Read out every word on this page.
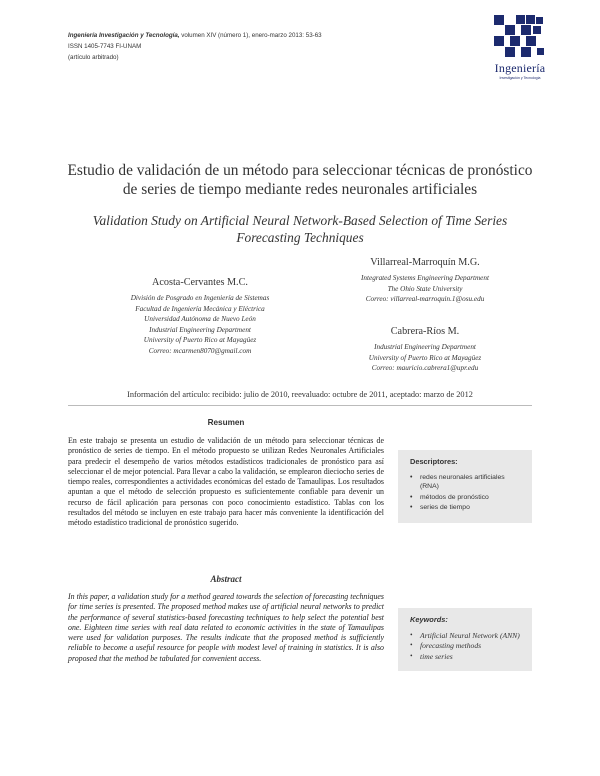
Ingeniería Investigación y Tecnología, volumen XIV (número 1), enero-marzo 2013: 53-63
ISSN 1405-7743 FI-UNAM
(artículo arbitrado)
Ingeniería
Investigación y Tecnología
Estudio de validación de un método para seleccionar técnicas de pronóstico de series de tiempo mediante redes neuronales artificiales
Validation Study on Artificial Neural Network-Based Selection of Time Series Forecasting Techniques
Acosta-Cervantes M.C.
División de Posgrado en Ingeniería de Sistemas
Facultad de Ingeniería Mecánica y Eléctrica
Universidad Autónoma de Nuevo León
Industrial Engineering Department
University of Puerto Rico at Mayagüez
Correo: mcarmen8070@gmail.com
Villarreal-Marroquín M.G.
Integrated Systems Engineering Department
The Ohio State University
Correo: villarreal-marroquin.1@osu.edu
Cabrera-Ríos M.
Industrial Engineering Department
University of Puerto Rico at Mayagüez
Correo: mauricio.cabrera1@upr.edu
Información del artículo: recibido: julio de 2010, reevaluado: octubre de 2011, aceptado: marzo de 2012
Resumen
En este trabajo se presenta un estudio de validación de un método para seleccionar técnicas de pronóstico de series de tiempo. En el método propuesto se utilizan Redes Neuronales Artificiales para predecir el desempeño de varios métodos estadísticos tradicionales de pronóstico para así seleccionar el de mejor potencial. Para llevar a cabo la validación, se emplearon dieciocho series de tiempo reales, correspondientes a actividades económicas del estado de Tamaulipas. Los resultados apuntan a que el método de selección propuesto es suficientemente confiable para devenir un recurso de fácil aplicación para personas con poco conocimiento estadístico. Tablas con los resultados del método se incluyen en este trabajo para hacer más conveniente la identificación del método estadístico tradicional de pronóstico sugerido.
Descriptores:
• redes neuronales artificiales (RNA)
• métodos de pronóstico
• series de tiempo
Abstract
In this paper, a validation study for a method geared towards the selection of forecasting techniques for time series is presented. The proposed method makes use of artificial neural networks to predict the performance of several statistics-based forecasting techniques to help select the potential best one. Eighteen time series with real data related to economic activities in the state of Tamaulipas were used for validation purposes. The results indicate that the proposed method is sufficiently reliable to become a useful resource for people with modest level of training in statistics. It is also proposed that the method be tabulated for convenient access.
Keywords:
• Artificial Neural Network (ANN)
• forecasting methods
• time series
